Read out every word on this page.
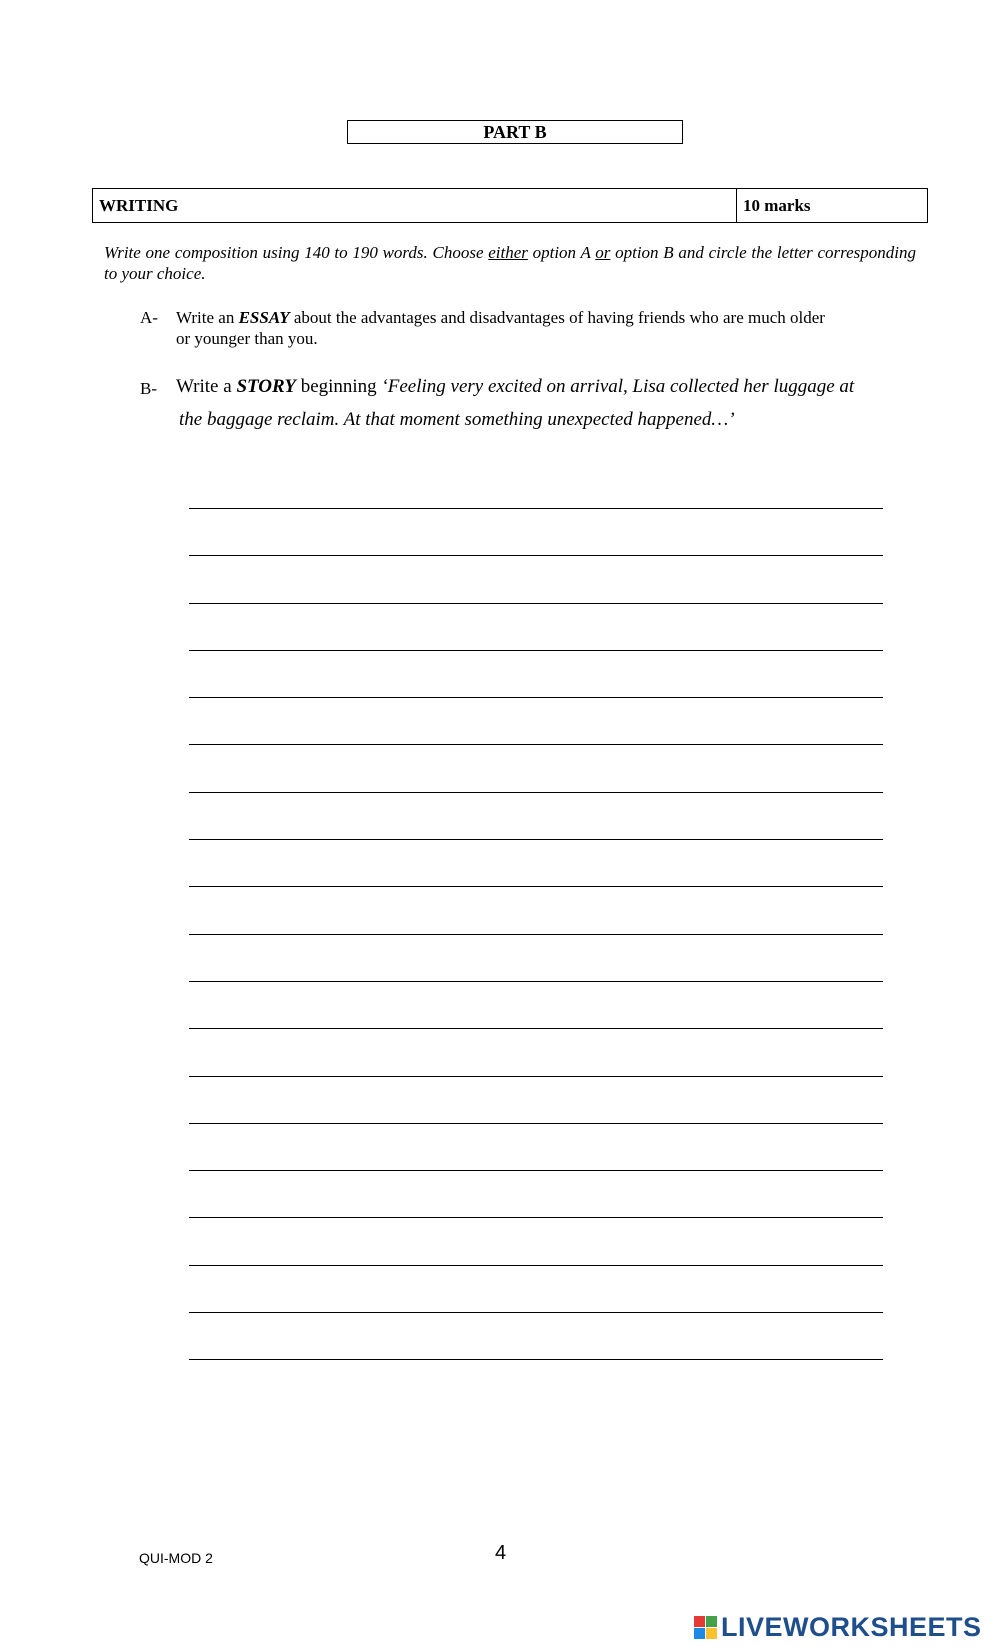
PART B
WRITING	10 marks
Write one composition using 140 to 190 words. Choose either option A or option B and circle the letter corresponding to your choice.
A-	Write an ESSAY about the advantages and disadvantages of having friends who are much older
or younger than you.
B-	Write a STORY beginning ‘Feeling very excited on arrival, Lisa collected her luggage at
the baggage reclaim. At that moment something unexpected happened…’
QUI-MOD 2	4
LIVEWORKSHEETS
